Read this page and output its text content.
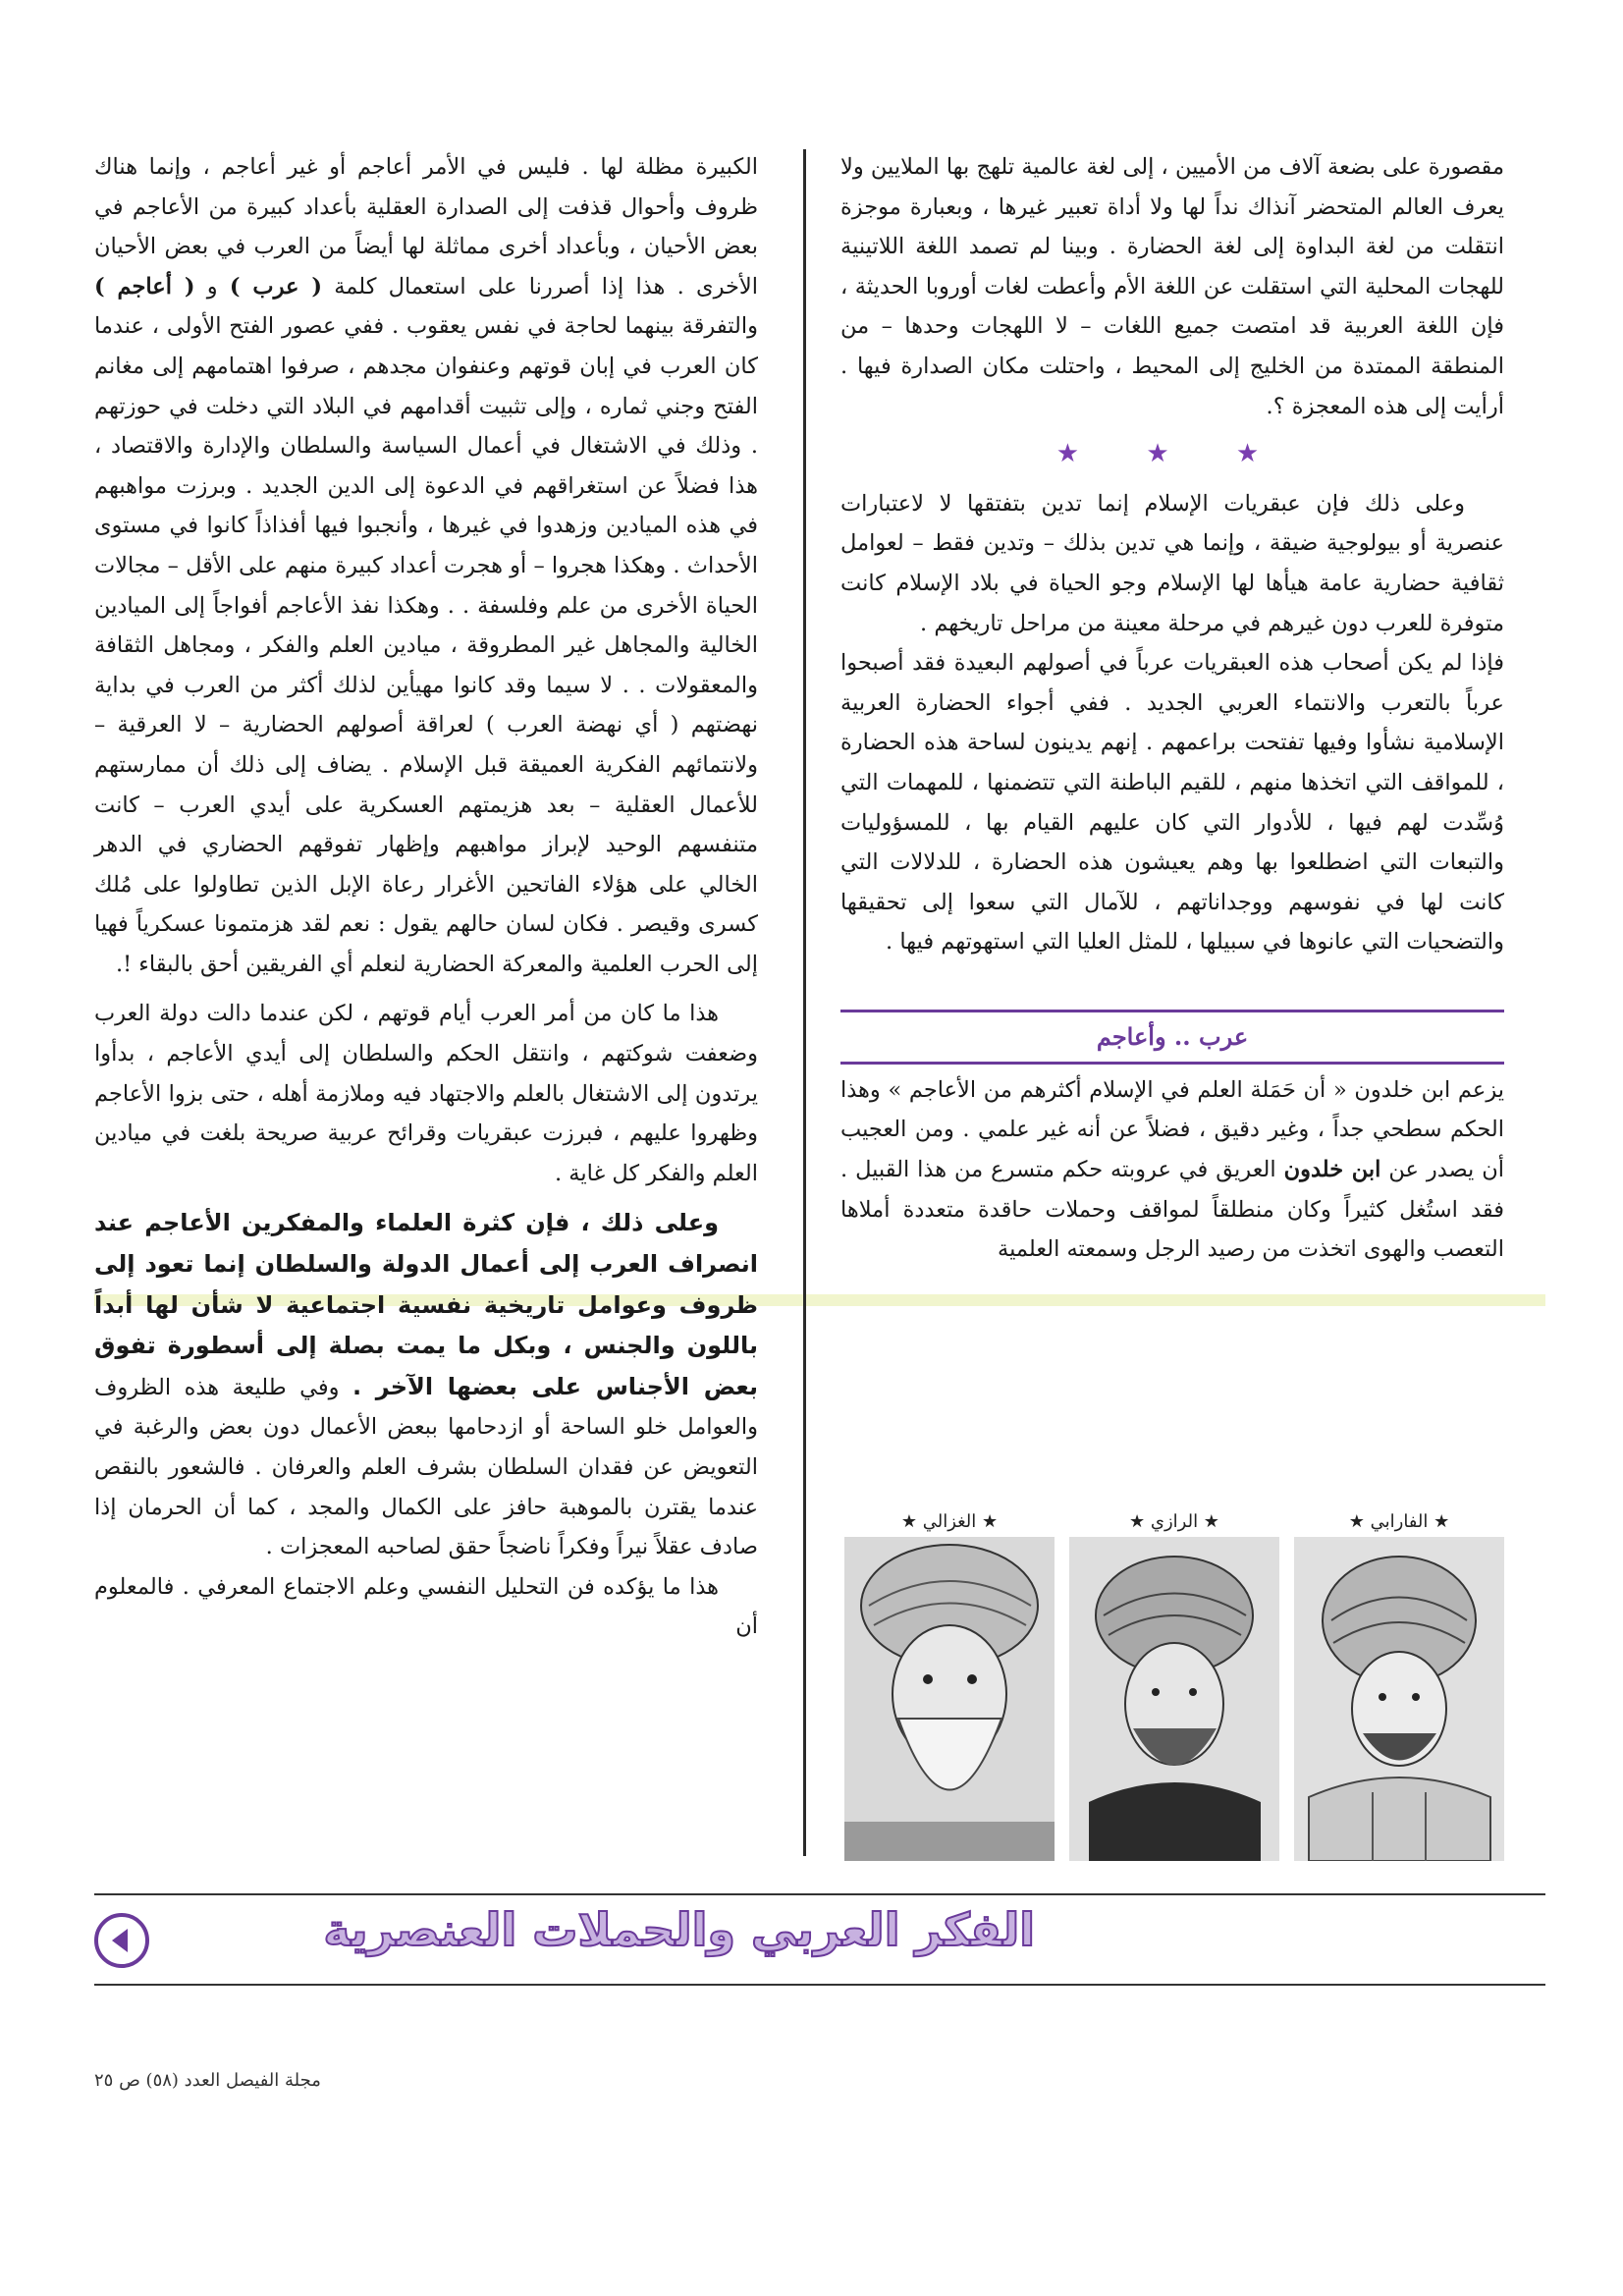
مقصورة على بضعة آلاف من الأميين ، إلى لغة عالمية تلهج بها الملايين ولا يعرف العالم المتحضر آنذاك نداً لها ولا أداة تعبير غيرها ، وبعبارة موجزة انتقلت من لغة البداوة إلى لغة الحضارة . وبينا لم تصمد اللغة اللاتينية للهجات المحلية التي استقلت عن اللغة الأم وأعطت لغات أوروبا الحديثة ، فإن اللغة العربية قد امتصت جميع اللغات – لا اللهجات وحدها – من المنطقة الممتدة من الخليج إلى المحيط ، واحتلت مكان الصدارة فيها . أرأيت إلى هذه المعجزة ؟.

★ ★ ★

وعلى ذلك فإن عبقريات الإسلام إنما تدين بتفتقها لا لاعتبارات عنصرية أو بيولوجية ضيقة ، وإنما هي تدين بذلك – وتدين فقط – لعوامل ثقافية حضارية عامة هيأها لها الإسلام وجو الحياة في بلاد الإسلام كانت متوفرة للعرب دون غيرهم في مرحلة معينة من مراحل تاريخهم .

فإذا لم يكن أصحاب هذه العبقريات عرباً في أصولهم البعيدة فقد أصبحوا عرباً بالتعرب والانتماء العربي الجديد . ففي أجواء الحضارة العربية الإسلامية نشأوا وفيها تفتحت براعمهم . إنهم يدينون لساحة هذه الحضارة ، للمواقف التي اتخذها منهم ، للقيم الباطنة التي تتضمنها ، للمهمات التي وُسِّدت لهم فيها ، للأدوار التي كان عليهم القيام بها ، للمسؤوليات والتبعات التي اضطلعوا بها وهم يعيشون هذه الحضارة ، للدلالات التي كانت لها في نفوسهم ووجداناتهم ، للآمال التي سعوا إلى تحقيقها والتضحيات التي عانوها في سبيلها ، للمثل العليا التي استهوتهم فيها .

عرب .. وأعاجم

يزعم ابن خلدون « أن حَمَلة العلم في الإسلام أكثرهم من الأعاجم » وهذا الحكم سطحي جداً ، وغير دقيق ، فضلاً عن أنه غير علمي . ومن العجيب أن يصدر عن ابن خلدون العريق في عروبته حكم متسرع من هذا القبيل . فقد استُغل كثيراً وكان منطلقاً لمواقف وحملات حاقدة متعددة أملاها التعصب والهوى اتخذت من رصيد الرجل وسمعته العلمية

★ الغزالي ★	★ الرازي ★	★ الفارابي ★

الكبيرة مظلة لها . فليس في الأمر أعاجم أو غير أعاجم ، وإنما هناك ظروف وأحوال قذفت إلى الصدارة العقلية بأعداد كبيرة من الأعاجم في بعض الأحيان ، وبأعداد أخرى مماثلة لها أيضاً من العرب في بعض الأحيان الأخرى . هذا إذا أصررنا على استعمال كلمة ( عرب ) و ( أعاجم ) والتفرقة بينهما لحاجة في نفس يعقوب . ففي عصور الفتح الأولى ، عندما كان العرب في إبان قوتهم وعنفوان مجدهم ، صرفوا اهتمامهم إلى مغانم الفتح وجني ثماره ، وإلى تثبيت أقدامهم في البلاد التي دخلت في حوزتهم . وذلك في الاشتغال في أعمال السياسة والسلطان والإدارة والاقتصاد ، هذا فضلاً عن استغراقهم في الدعوة إلى الدين الجديد . وبرزت مواهبهم في هذه الميادين وزهدوا في غيرها ، وأنجبوا فيها أفذاذاً كانوا في مستوى الأحداث . وهكذا هجروا – أو هجرت أعداد كبيرة منهم على الأقل – مجالات الحياة الأخرى من علم وفلسفة . . وهكذا نفذ الأعاجم أفواجاً إلى الميادين الخالية والمجاهل غير المطروقة ، ميادين العلم والفكر ، ومجاهل الثقافة والمعقولات . . لا سيما وقد كانوا مهيأين لذلك أكثر من العرب في بداية نهضتهم ( أي نهضة العرب ) لعراقة أصولهم الحضارية – لا العرقية – ولانتمائهم الفكرية العميقة قبل الإسلام . يضاف إلى ذلك أن ممارستهم للأعمال العقلية – بعد هزيمتهم العسكرية على أيدي العرب – كانت متنفسهم الوحيد لإبراز مواهبهم وإظهار تفوقهم الحضاري في الدهر الخالي على هؤلاء الفاتحين الأغرار رعاة الإبل الذين تطاولوا على مُلك كسرى وقيصر . فكان لسان حالهم يقول : نعم لقد هزمتمونا عسكرياً فهيا إلى الحرب العلمية والمعركة الحضارية لنعلم أي الفريقين أحق بالبقاء !.

هذا ما كان من أمر العرب أيام قوتهم ، لكن عندما دالت دولة العرب وضعفت شوكتهم ، وانتقل الحكم والسلطان إلى أيدي الأعاجم ، بدأوا يرتدون إلى الاشتغال بالعلم والاجتهاد فيه وملازمة أهله ، حتى بزوا الأعاجم وظهروا عليهم ، فبرزت عبقريات وقرائح عربية صريحة بلغت في ميادين العلم والفكر كل غاية .

وعلى ذلك ، فإن كثرة العلماء والمفكرين الأعاجم عند انصراف العرب إلى أعمال الدولة والسلطان إنما تعود إلى ظروف وعوامل تاريخية نفسية اجتماعية لا شأن لها أبداً باللون والجنس ، وبكل ما يمت بصلة إلى أسطورة تفوق بعض الأجناس على بعضها الآخر . وفي طليعة هذه الظروف والعوامل خلو الساحة أو ازدحامها ببعض الأعمال دون بعض والرغبة في التعويض عن فقدان السلطان بشرف العلم والعرفان . فالشعور بالنقص عندما يقترن بالموهبة حافز على الكمال والمجد ، كما أن الحرمان إذا صادف عقلاً نيراً وفكراً ناضجاً حقق لصاحبه المعجزات .

هذا ما يؤكده فن التحليل النفسي وعلم الاجتماع المعرفي . فالمعلوم أن

الفكر العربي والحملات العنصرية
مجلة الفيصل العدد (٥٨) ص ٢٥
